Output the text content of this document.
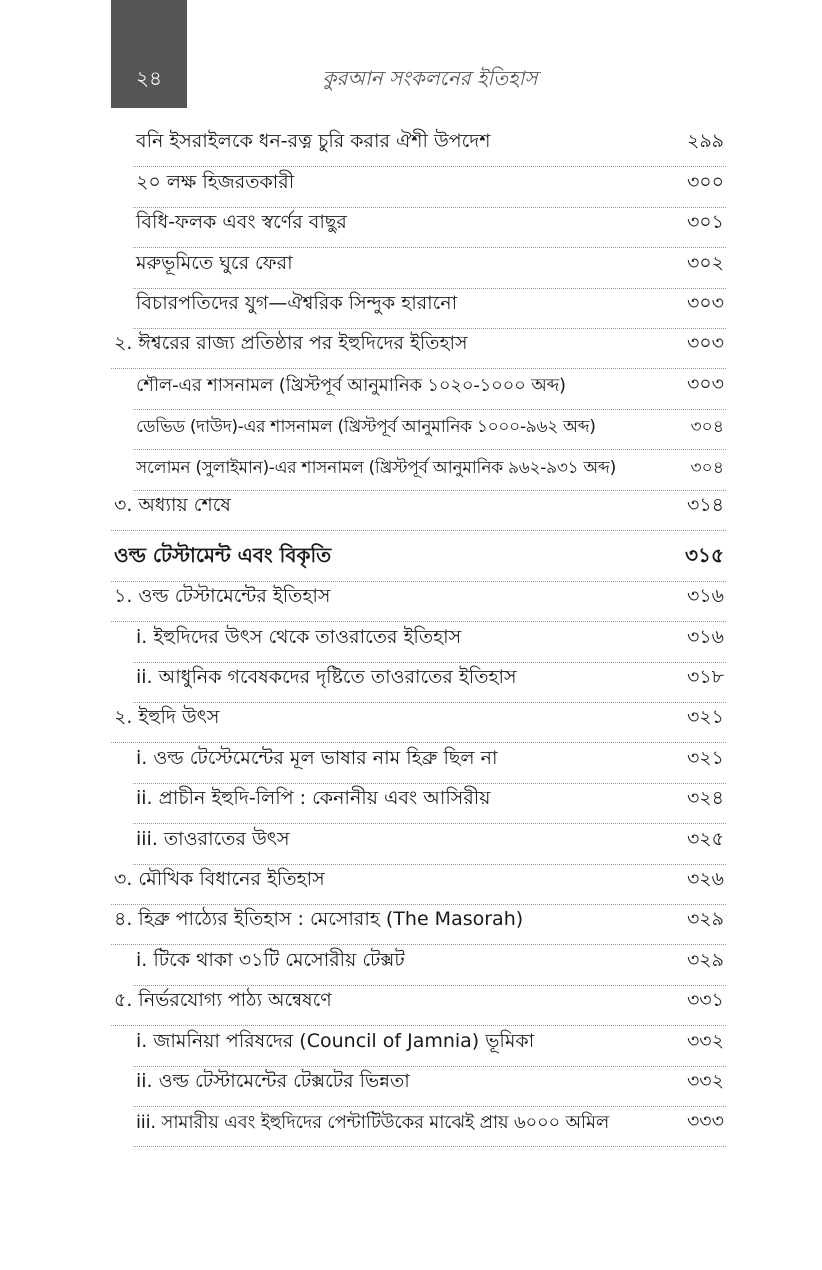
২৪	কুরআন সংকলনের ইতিহাস
বনি ইসরাইলকে ধন-রত্ন চুরি করার ঐশী উপদেশ	২৯৯
২০ লক্ষ হিজরতকারী	৩০০
বিধি-ফলক এবং স্বর্ণের বাছুর	৩০১
মরুভূমিতে ঘুরে ফেরা	৩০২
বিচারপতিদের যুগ—ঐশ্বরিক সিন্দুক হারানো	৩০৩
২. ঈশ্বরের রাজ্য প্রতিষ্ঠার পর ইহুদিদের ইতিহাস	৩০৩
শৌল-এর শাসনামল (খ্রিস্টপূর্ব আনুমানিক ১০২০-১০০০ অব্দ)	৩০৩
ডেভিড (দাউদ)-এর শাসনামল (খ্রিস্টপূর্ব আনুমানিক ১০০০-৯৬২ অব্দ)	৩০৪
সলোমন (সুলাইমান)-এর শাসনামল (খ্রিস্টপূর্ব আনুমানিক ৯৬২-৯৩১ অব্দ)	৩০৪
৩. অধ্যায় শেষে	৩১৪
ওল্ড টেস্টামেন্ট এবং বিকৃতি	৩১৫
১. ওল্ড টেস্টামেন্টের ইতিহাস	৩১৬
i. ইহুদিদের উৎস থেকে তাওরাতের ইতিহাস	৩১৬
ii. আধুনিক গবেষকদের দৃষ্টিতে তাওরাতের ইতিহাস	৩১৮
২. ইহুদি উৎস	৩২১
i. ওল্ড টেস্টেমেন্টের মূল ভাষার নাম হিব্রু ছিল না	৩২১
ii. প্রাচীন ইহুদি-লিপি : কেনানীয় এবং আসিরীয়	৩২৪
iii. তাওরাতের উৎস	৩২৫
৩. মৌখিক বিধানের ইতিহাস	৩২৬
৪. হিব্রু পাঠ্যের ইতিহাস : মেসোরাহ (The Masorah)	৩২৯
i. টিকে থাকা ৩১টি মেসোরীয় টেক্সট	৩২৯
৫. নির্ভরযোগ্য পাঠ্য অন্বেষণে	৩৩১
i. জামনিয়া পরিষদের (Council of Jamnia) ভূমিকা	৩৩২
ii. ওল্ড টেস্টামেন্টের টেক্সটের ভিন্নতা	৩৩২
iii. সামারীয় এবং ইহুদিদের পেন্টাটিউকের মাঝেই প্রায় ৬০০০ অমিল	৩৩৩
